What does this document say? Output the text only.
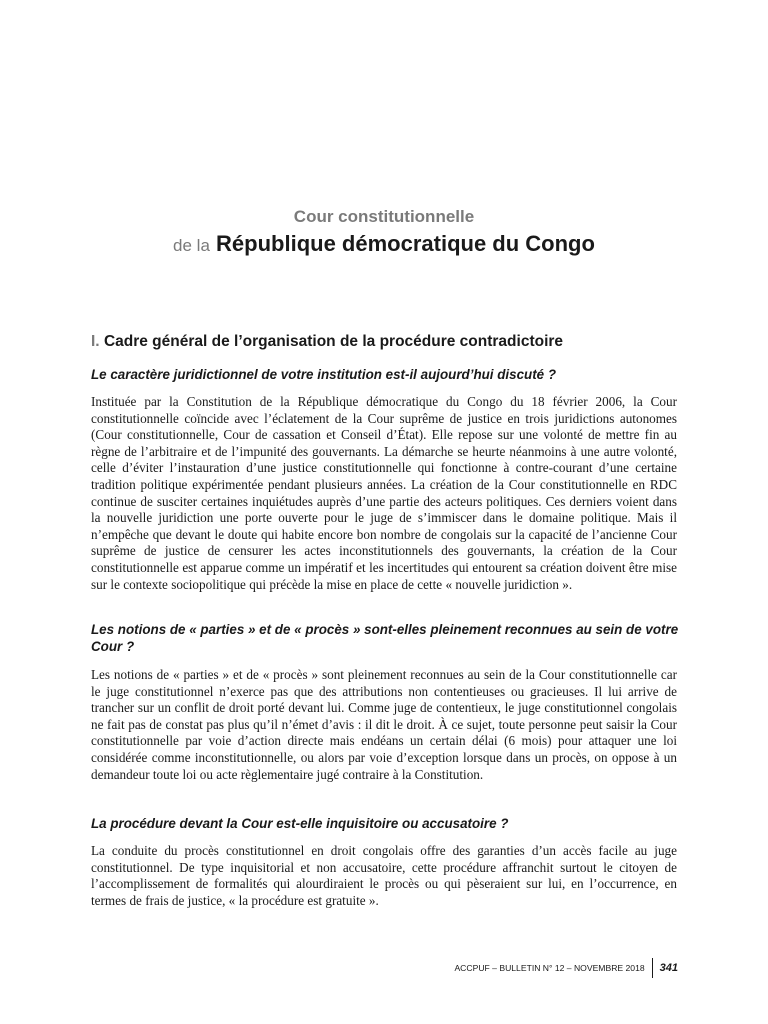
Cour constitutionnelle
de la République démocratique du Congo
I. Cadre général de l’organisation de la procédure contradictoire
Le caractère juridictionnel de votre institution est-il aujourd’hui discuté ?
Instituée par la Constitution de la République démocratique du Congo du 18 février 2006, la Cour constitutionnelle coïncide avec l’éclatement de la Cour suprême de justice en trois juridictions autonomes (Cour constitutionnelle, Cour de cassation et Conseil d’État). Elle repose sur une volonté de mettre fin au règne de l’arbitraire et de l’impunité des gouvernants. La démarche se heurte néanmoins à une autre volonté, celle d’éviter l’instauration d’une justice constitutionnelle qui fonctionne à contre-courant d’une certaine tradition politique expérimentée pendant plusieurs années. La création de la Cour constitutionnelle en RDC continue de susciter certaines inquiétudes auprès d’une partie des acteurs politiques. Ces derniers voient dans la nouvelle juridiction une porte ouverte pour le juge de s’immiscer dans le domaine politique. Mais il n’empêche que devant le doute qui habite encore bon nombre de congolais sur la capacité de l’ancienne Cour suprême de justice de censurer les actes inconstitutionnels des gouvernants, la création de la Cour constitutionnelle est apparue comme un impératif et les incertitudes qui entourent sa création doivent être mise sur le contexte sociopolitique qui précède la mise en place de cette « nouvelle juridiction ».
Les notions de « parties » et de « procès » sont-elles pleinement reconnues au sein de votre Cour ?
Les notions de « parties » et de « procès » sont pleinement reconnues au sein de la Cour constitutionnelle car le juge constitutionnel n’exerce pas que des attributions non contentieuses ou gracieuses. Il lui arrive de trancher sur un conflit de droit porté devant lui. Comme juge de contentieux, le juge constitutionnel congolais ne fait pas de constat pas plus qu’il n’émet d’avis : il dit le droit. À ce sujet, toute personne peut saisir la Cour constitutionnelle par voie d’action directe mais endéans un certain délai (6 mois) pour attaquer une loi considérée comme inconstitutionnelle, ou alors par voie d’exception lorsque dans un procès, on oppose à un demandeur toute loi ou acte règlementaire jugé contraire à la Constitution.
La procédure devant la Cour est-elle inquisitoire ou accusatoire ?
La conduite du procès constitutionnel en droit congolais offre des garanties d’un accès facile au juge constitutionnel. De type inquisitorial et non accusatoire, cette procédure affranchit surtout le citoyen de l’accomplissement de formalités qui alourdiraient le procès ou qui pèseraient sur lui, en l’occurrence, en termes de frais de justice, « la procédure est gratuite ».
ACCPUF – BULLETIN N° 12 – NOVEMBRE 2018 341
